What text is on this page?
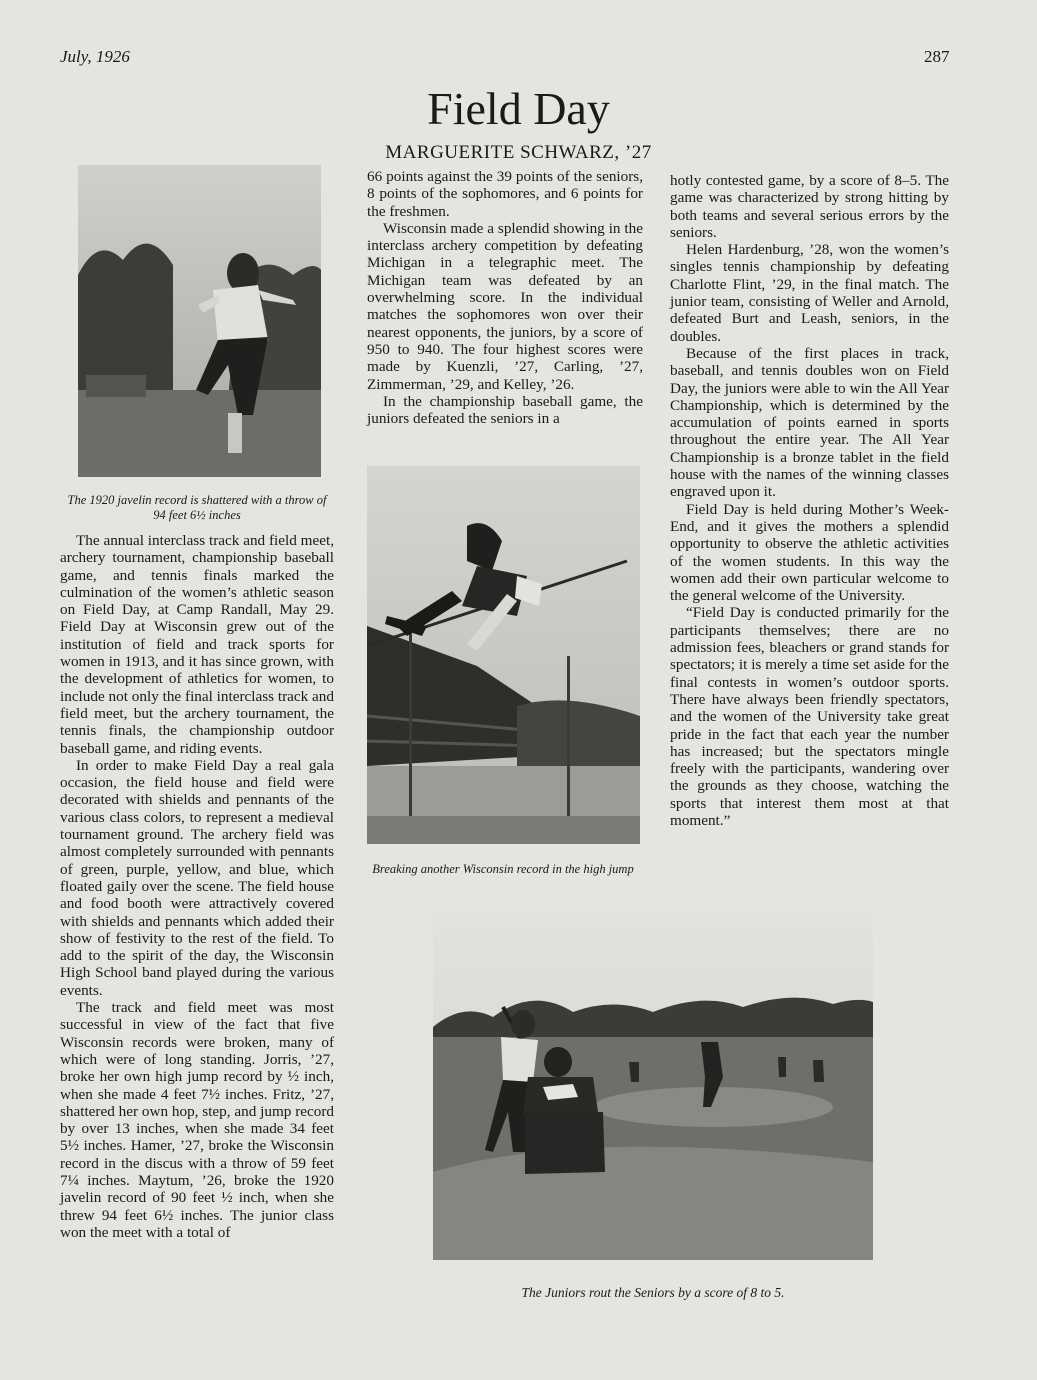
July, 1926	287
Field Day
MARGUERITE SCHWARZ, ’27
The 1920 javelin record is shattered with a throw of 94 feet 6½ inches
Breaking another Wisconsin record in the high jump
The Juniors rout the Seniors by a score of 8 to 5.

The annual interclass track and field meet, archery tournament, championship baseball game, and tennis finals marked the culmination of the women’s athletic season on Field Day, at Camp Randall, May 29. Field Day at Wisconsin grew out of the institution of field and track sports for women in 1913, and it has since grown, with the development of athletics for women, to include not only the final interclass track and field meet, but the archery tournament, the tennis finals, the championship outdoor baseball game, and riding events.

In order to make Field Day a real gala occasion, the field house and field were decorated with shields and pennants of the various class colors, to represent a medieval tournament ground. The archery field was almost completely surrounded with pennants of green, purple, yellow, and blue, which floated gaily over the scene. The field house and food booth were attractively covered with shields and pennants which added their show of festivity to the rest of the field. To add to the spirit of the day, the Wisconsin High School band played during the various events.

The track and field meet was most successful in view of the fact that five Wisconsin records were broken, many of which were of long standing. Jorris, ’27, broke her own high jump record by ½ inch, when she made 4 feet 7½ inches. Fritz, ’27, shattered her own hop, step, and jump record by over 13 inches, when she made 34 feet 5½ inches. Hamer, ’27, broke the Wisconsin record in the discus with a throw of 59 feet 7¼ inches. Maytum, ’26, broke the 1920 javelin record of 90 feet ½ inch, when she threw 94 feet 6½ inches. The junior class won the meet with a total of

66 points against the 39 points of the seniors, 8 points of the sophomores, and 6 points for the freshmen.

Wisconsin made a splendid showing in the interclass archery competition by defeating Michigan in a telegraphic meet. The Michigan team was defeated by an overwhelming score. In the individual matches the sophomores won over their nearest opponents, the juniors, by a score of 950 to 940. The four highest scores were made by Kuenzli, ’27, Carling, ’27, Zimmerman, ’29, and Kelley, ’26.

In the championship baseball game, the juniors defeated the seniors in a

hotly contested game, by a score of 8–5. The game was characterized by strong hitting by both teams and several serious errors by the seniors.

Helen Hardenburg, ’28, won the women’s singles tennis championship by defeating Charlotte Flint, ’29, in the final match. The junior team, consisting of Weller and Arnold, defeated Burt and Leash, seniors, in the doubles.

Because of the first places in track, baseball, and tennis doubles won on Field Day, the juniors were able to win the All Year Championship, which is determined by the accumulation of points earned in sports throughout the entire year. The All Year Championship is a bronze tablet in the field house with the names of the winning classes engraved upon it.

Field Day is held during Mother’s Week-End, and it gives the mothers a splendid opportunity to observe the athletic activities of the women students. In this way the women add their own particular welcome to the general welcome of the University.

“Field Day is conducted primarily for the participants themselves; there are no admission fees, bleachers or grand stands for spectators; it is merely a time set aside for the final contests in women’s outdoor sports. There have always been friendly spectators, and the women of the University take great pride in the fact that each year the number has increased; but the spectators mingle freely with the participants, wandering over the grounds as they choose, watching the sports that interest them most at that moment.”
